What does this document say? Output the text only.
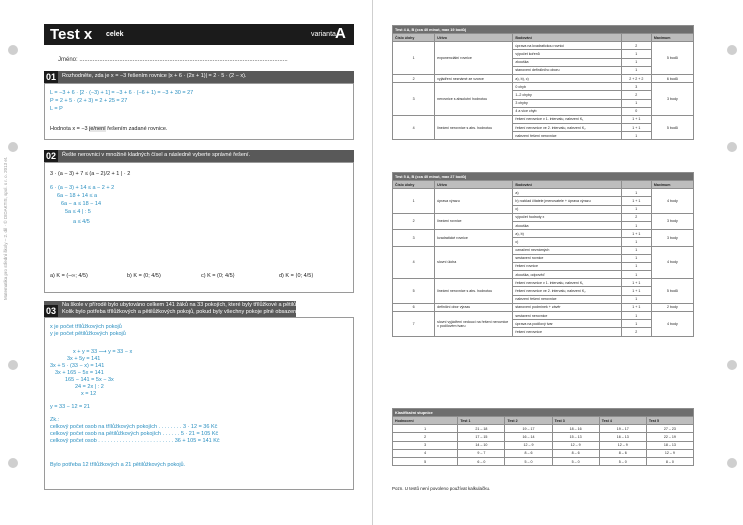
Matematika pro střední školy – 2. díl · © DIDAKTIS, spol. s r. o. 2013 et.
Test x celek	varianta A
Jméno: .............................................................................................................................
01	Rozhodněte, zda je x = −3 řešením rovnice |x + 6 · (2x + 1)| = 2 · 5 · (2 − x).
L = −3 + 6 · [2 · (−3) + 1] = −3 + 6 · (−6 + 1) = −3 + 30 = 27
P = 2 + 5 · (2 + 3) = 2 + 25 = 27
L = P
Hodnota x = −3 je/není řešením zadané rovnice.
02	Řešte nerovnici v množině kladných čísel a následně vyberte správné řešení.
3 · (a − 3) + 7 ≤ (a − 2)/2 + 1 | · 2
6 · (a − 3) + 14 ≤ a − 2 + 2
6a − 18 + 14 ≤ a
6a − a ≤ 18 − 14
5a ≤ 4 | : 5
a ≤ 4/5
a) K = (−∞; 4/5)	b) K = (0; 4/5)	c) K = (0; 4/5⟩	d) K = ⟨0; 4/5⟩
03
Na škole v přírodě bylo ubytováno celkem 141 žáků na 33 pokojích, které byly třílůžkové a pětilůžkové.
Kolik bylo potřeba třílůžkových a pětilůžkových pokojů, pokud byly všechny pokoje plně obsazeny?
x je počet třílůžkových pokojů
y je počet pětilůžkových pokojů
x + y = 33 ⟶ y = 33 − x
3x + 5y = 141
3x + 5 · (33 − x) = 141
3x + 165 − 5x = 141
165 − 141 = 5x − 3x
24 = 2x | : 2
x = 12
y = 33 − 12 = 21
Zk.:
celkový počet osob na třílůžkových pokojích . . . . . . . . 3 · 12 = 36 Kč
celkový počet osob na pětilůžkových pokojích . . . . . . 5 · 21 = 105 Kč
celkový počet osob . . . . . . . . . . . . . . . . . . . . . . . . . 36 + 105 = 141 Kč
Bylo potřeba 12 třílůžkových a 21 pětilůžkových pokojů.
Test 4 A, B (cca 40 minut, max 19 bodů)				
Číslo úlohy	Učivo	Bodování		Maximum
1	exponenciální rovnice	úprava na kvadratickou rovnici	2	5 bodů
		výpočet kořenů	1	
		zkouška	1	
		stanovení definičního oboru	1	
2	vyjádření neznámé ze vzorce	a), b), c)	2 + 2 + 2	6 bodů
3	nerovnice s absolutní hodnotou	0 chyb	3	3 body
		1–2 chyby	2	
		3 chyby	1	
		4 a více chyb	0	
4	lineární nerovnice s abs. hodnotou	řešení nerovnice v 1. intervalu, nalezení K₁	1 + 1	5 bodů
		řešení nerovnice ve 2. intervalu, nalezení K₂	1 + 1	
		nalezení řešení nerovnice	1	
Test 5 A, B (cca 40 minut, max 27 bodů)				
Číslo úlohy	Učivo	Bodování		Maximum
1	úprava výrazu	a)	1	4 body
		b) rozklad čitatele jmenovatele + úprava výrazu	1 + 1	
		c)	1	
2	lineární rovnice	výpočet hodnoty x	2	3 body
		zkouška	1	
3	kvadratické rovnice	a), b)	1 + 1	3 body
		c)	1	
4	slovní úloha	označení neznámých	1	4 body
		sestavení rovnice	1	
		řešení rovnice	1	
		zkouška, odpověď	1	
5	lineární nerovnice s abs. hodnotou	řešení nerovnice v 1. intervalu, nalezení K₁	1 + 1	5 bodů
		řešení nerovnice ve 2. intervalu, nalezení K₂	1 + 1	
		nalezení řešení nerovnice	1	
6	definiční obor výrazu	stanovení podmínek + závěr	1 + 1	2 body
7	slovní vyjádření vedoucí na řešení nerovnice v podílovém tvaru	sestavení nerovnice	1	4 body
		úprava na podílový tvar	1	
		řešení nerovnice	2	
Klasifikační stupnice					
Hodnocení	Test 1	Test 2	Test 3	Test 4	Test 5
1	21 – 18	19 – 17	18 – 16	19 – 17	27 – 23
2	17 – 15	16 – 14	15 – 13	16 – 13	22 – 19
3	14 – 10	12 – 9	12 – 9	12 – 9	18 – 13
4	9 – 7	8 – 6	8 – 6	8 – 6	12 – 9
5	6 – 0	5 – 0	5 – 0	5 – 0	8 – 0
Pozn. U testů není povoleno používat kalkulačku.
